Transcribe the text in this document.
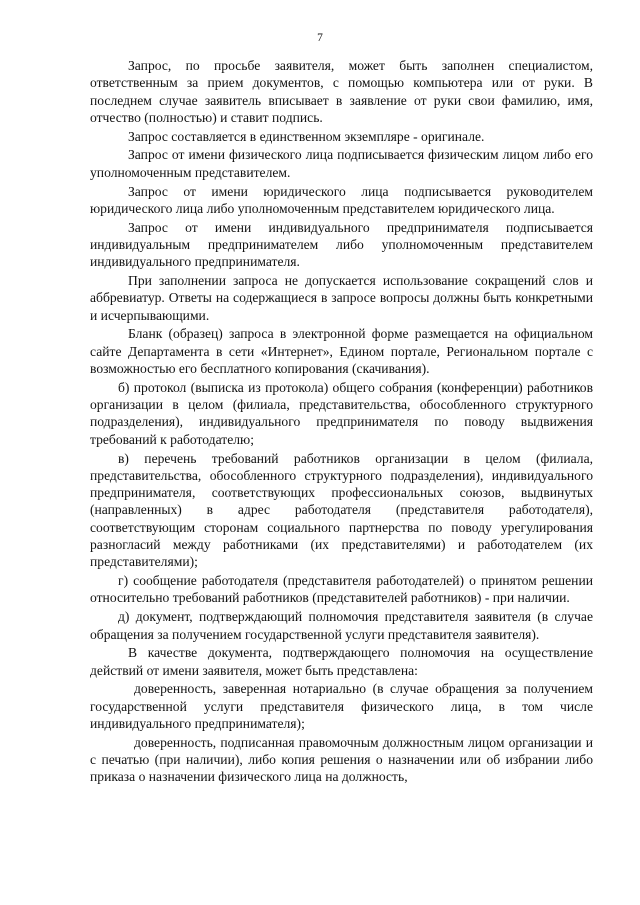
7

Запрос, по просьбе заявителя, может быть заполнен специалистом, ответственным за прием документов, с помощью компьютера или от руки. В последнем случае заявитель вписывает в заявление от руки свои фамилию, имя, отчество (полностью) и ставит подпись.

Запрос составляется в единственном экземпляре - оригинале.

Запрос от имени физического лица подписывается физическим лицом либо его уполномоченным представителем.

Запрос от имени юридического лица подписывается руководителем юридического лица либо уполномоченным представителем юридического лица.

Запрос от имени индивидуального предпринимателя подписывается индивидуальным предпринимателем либо уполномоченным представителем индивидуального предпринимателя.

При заполнении запроса не допускается использование сокращений слов и аббревиатур. Ответы на содержащиеся в запросе вопросы должны быть конкретными и исчерпывающими.

Бланк (образец) запроса в электронной форме размещается на официальном сайте Департамента в сети «Интернет», Едином портале, Региональном портале с возможностью его бесплатного копирования (скачивания).

б) протокол (выписка из протокола) общего собрания (конференции) работников организации в целом (филиала, представительства, обособленного структурного подразделения), индивидуального предпринимателя по поводу выдвижения требований к работодателю;

в) перечень требований работников организации в целом (филиала, представительства, обособленного структурного подразделения), индивидуального предпринимателя, соответствующих профессиональных союзов, выдвинутых (направленных) в адрес работодателя (представителя работодателя), соответствующим сторонам социального партнерства по поводу урегулирования разногласий между работниками (их представителями) и работодателем (их представителями);

г) сообщение работодателя (представителя работодателей) о принятом решении относительно требований работников (представителей работников) - при наличии.

д) документ, подтверждающий полномочия представителя заявителя (в случае обращения за получением государственной услуги представителя заявителя).

В качестве документа, подтверждающего полномочия на осуществление действий от имени заявителя, может быть представлена:

доверенность, заверенная нотариально (в случае обращения за получением государственной услуги представителя физического лица, в том числе индивидуального предпринимателя);

доверенность, подписанная правомочным должностным лицом организации и с печатью (при наличии), либо копия решения о назначении или об избрании либо приказа о назначении физического лица на должность,
